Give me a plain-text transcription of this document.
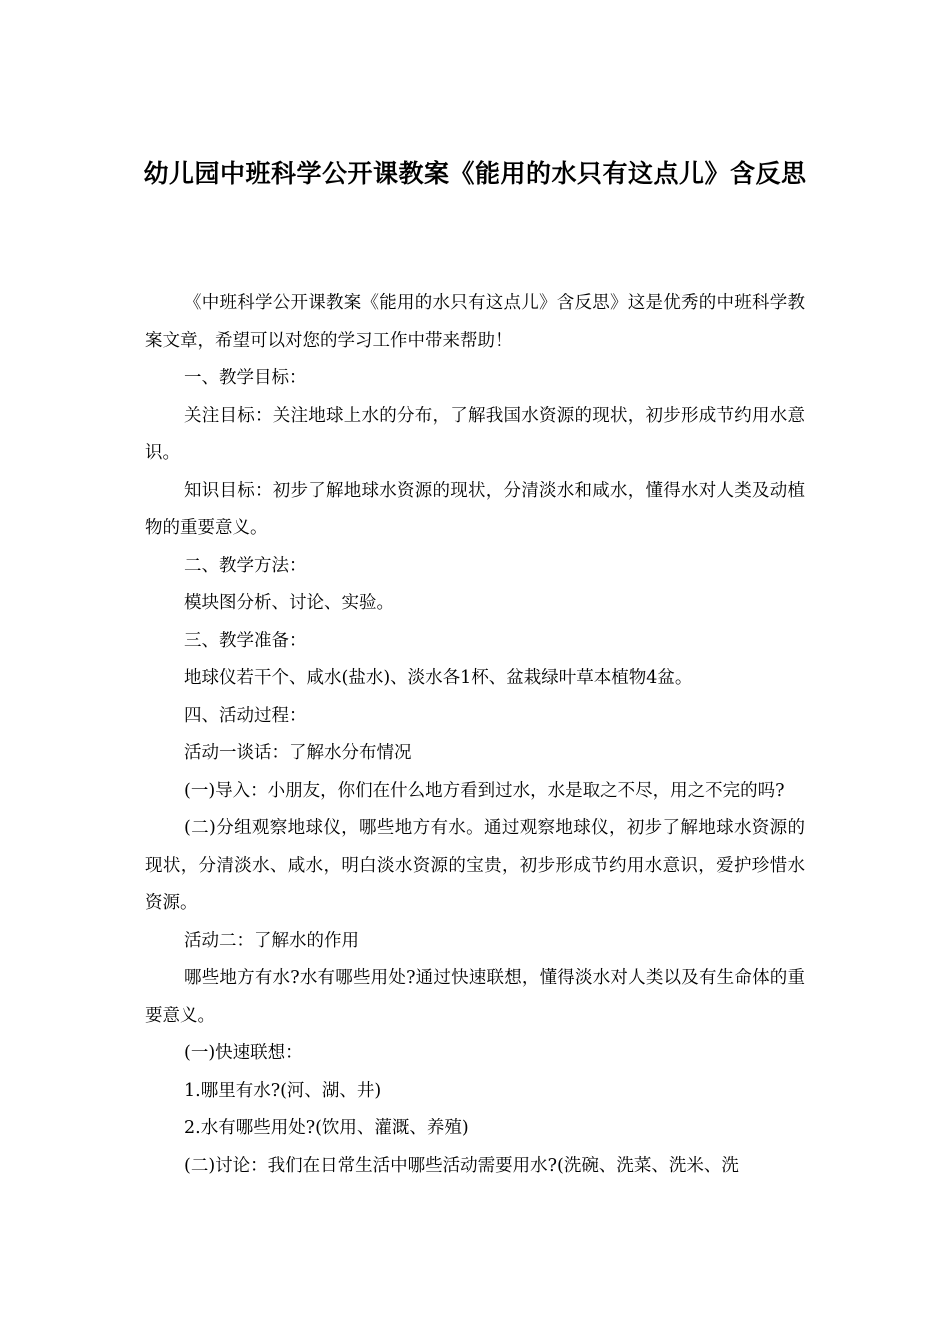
幼儿园中班科学公开课教案《能用的水只有这点儿》含反思

《中班科学公开课教案《能用的水只有这点儿》含反思》这是优秀的中班科学教案文章，希望可以对您的学习工作中带来帮助！

一、教学目标：

关注目标：关注地球上水的分布，了解我国水资源的现状，初步形成节约用水意识。

知识目标：初步了解地球水资源的现状，分清淡水和咸水，懂得水对人类及动植物的重要意义。

二、教学方法：

模块图分析、讨论、实验。

三、教学准备：

地球仪若干个、咸水(盐水)、淡水各1杯、盆栽绿叶草本植物4盆。

四、活动过程：

活动一谈话：了解水分布情况

(一)导入：小朋友，你们在什么地方看到过水，水是取之不尽，用之不完的吗?

(二)分组观察地球仪，哪些地方有水。通过观察地球仪，初步了解地球水资源的现状，分清淡水、咸水，明白淡水资源的宝贵，初步形成节约用水意识，爱护珍惜水资源。

活动二：了解水的作用

哪些地方有水?水有哪些用处?通过快速联想，懂得淡水对人类以及有生命体的重要意义。

(一)快速联想：

1.哪里有水?(河、湖、井)

2.水有哪些用处?(饮用、灌溉、养殖)

(二)讨论：我们在日常生活中哪些活动需要用水?(洗碗、洗菜、洗米、洗
